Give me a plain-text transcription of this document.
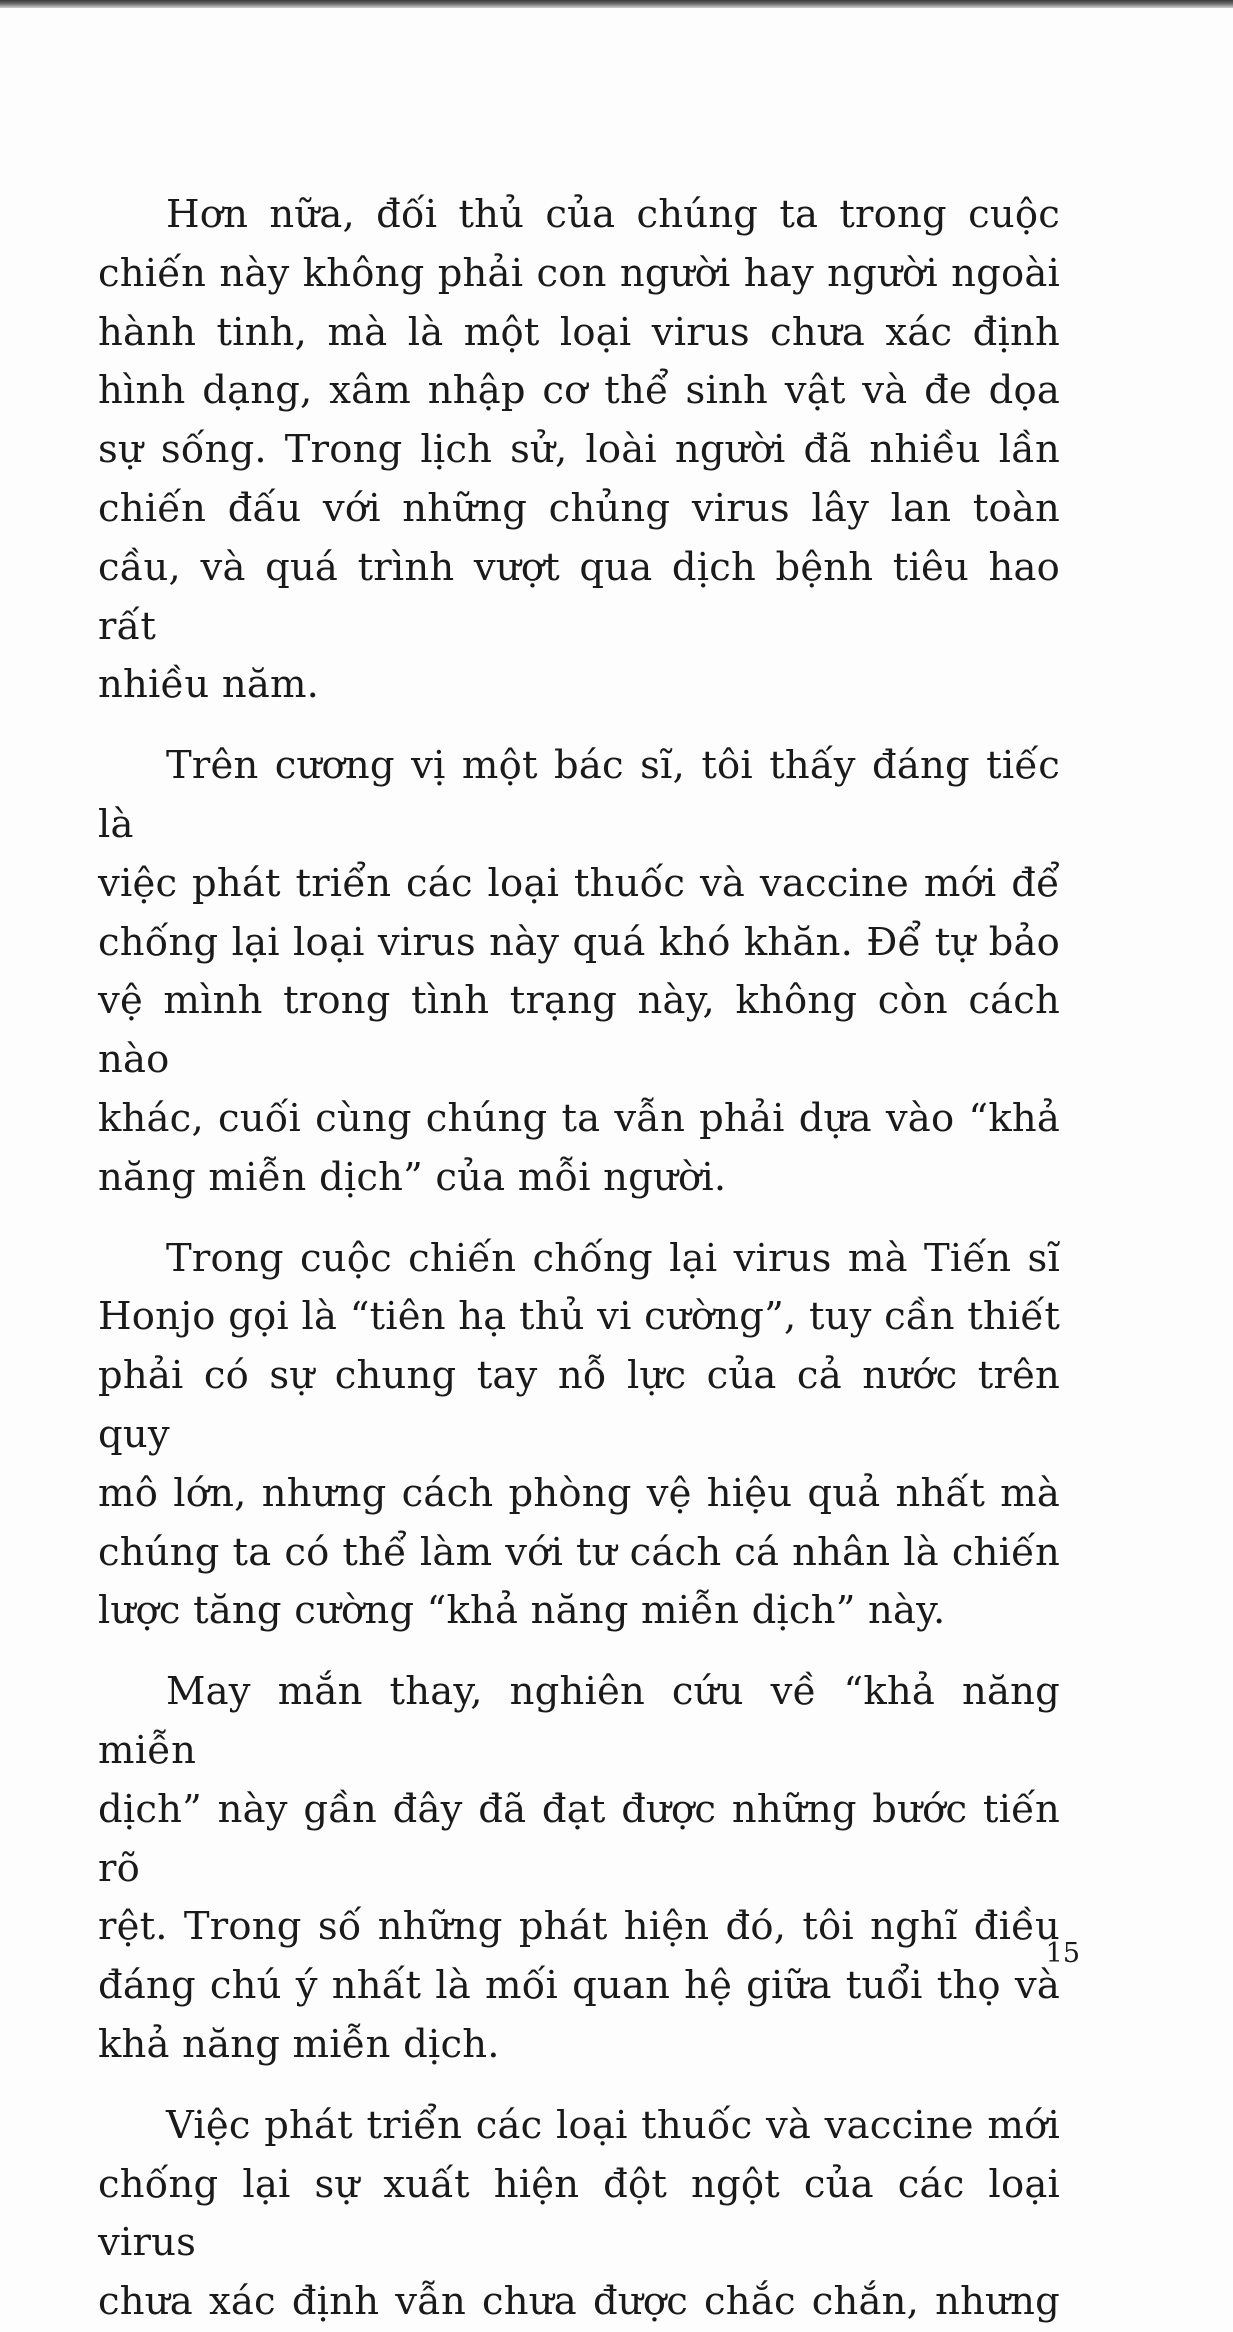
Hơn nữa, đối thủ của chúng ta trong cuộc
chiến này không phải con người hay người ngoài
hành tinh, mà là một loại virus chưa xác định
hình dạng, xâm nhập cơ thể sinh vật và đe dọa
sự sống. Trong lịch sử, loài người đã nhiều lần
chiến đấu với những chủng virus lây lan toàn
cầu, và quá trình vượt qua dịch bệnh tiêu hao rất
nhiều năm.

Trên cương vị một bác sĩ, tôi thấy đáng tiếc là
việc phát triển các loại thuốc và vaccine mới để
chống lại loại virus này quá khó khăn. Để tự bảo
vệ mình trong tình trạng này, không còn cách nào
khác, cuối cùng chúng ta vẫn phải dựa vào “khả
năng miễn dịch” của mỗi người.

Trong cuộc chiến chống lại virus mà Tiến sĩ
Honjo gọi là “tiên hạ thủ vi cường”, tuy cần thiết
phải có sự chung tay nỗ lực của cả nước trên quy
mô lớn, nhưng cách phòng vệ hiệu quả nhất mà
chúng ta có thể làm với tư cách cá nhân là chiến
lược tăng cường “khả năng miễn dịch” này.

May mắn thay, nghiên cứu về “khả năng miễn
dịch” này gần đây đã đạt được những bước tiến rõ
rệt. Trong số những phát hiện đó, tôi nghĩ điều
đáng chú ý nhất là mối quan hệ giữa tuổi thọ và
khả năng miễn dịch.

Việc phát triển các loại thuốc và vaccine mới
chống lại sự xuất hiện đột ngột của các loại virus
chưa xác định vẫn chưa được chắc chắn, nhưng

15
